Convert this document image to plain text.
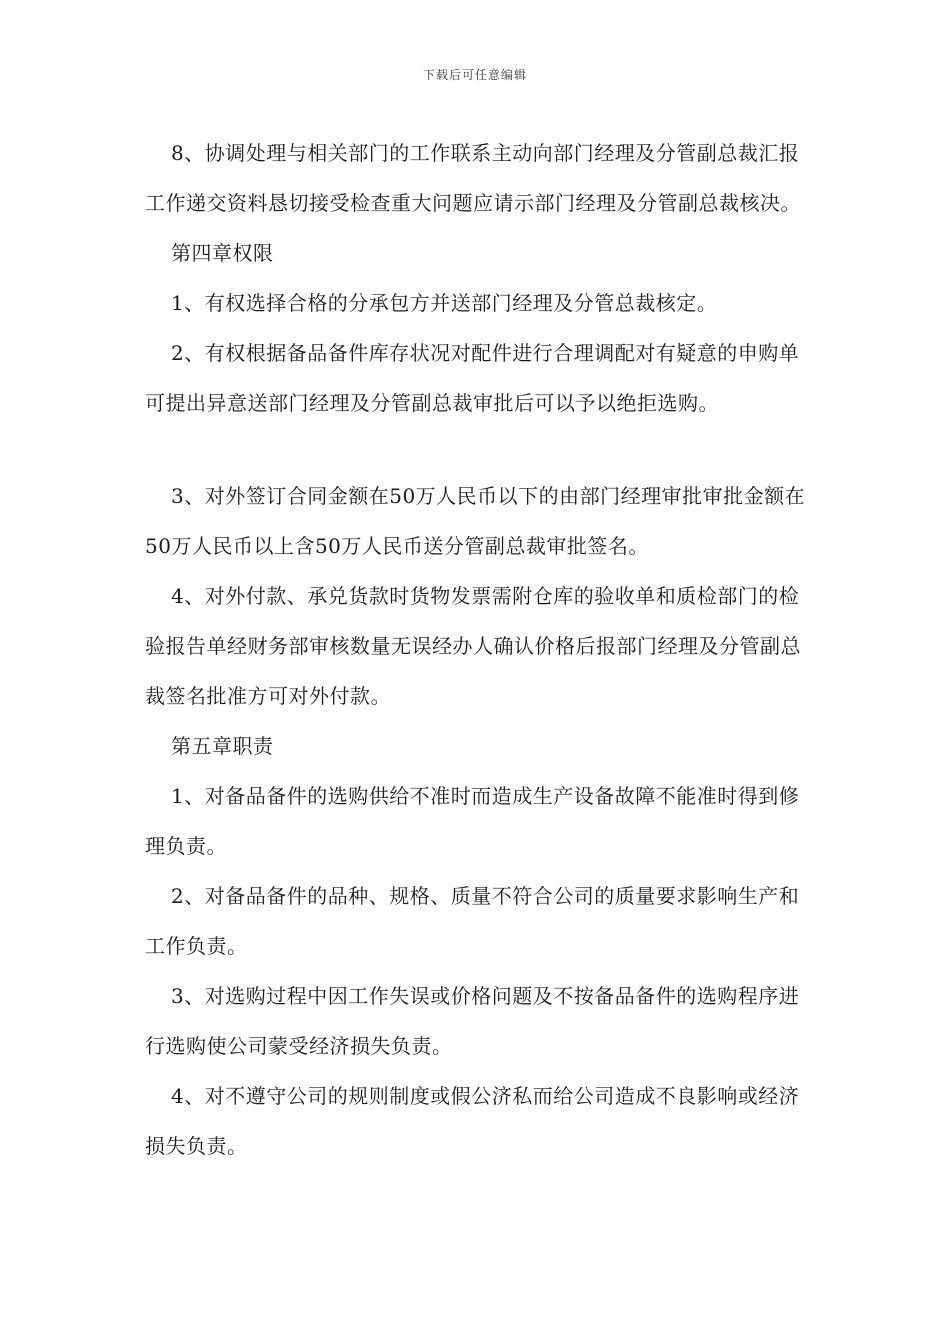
下载后可任意编辑

8、协调处理与相关部门的工作联系主动向部门经理及分管副总裁汇报工作递交资料恳切接受检查重大问题应请示部门经理及分管副总裁核决。

第四章权限

1、有权选择合格的分承包方并送部门经理及分管总裁核定。

2、有权根据备品备件库存状况对配件进行合理调配对有疑意的申购单可提出异意送部门经理及分管副总裁审批后可以予以绝拒选购。

3、对外签订合同金额在50万人民币以下的由部门经理审批审批金额在50万人民币以上含50万人民币送分管副总裁审批签名。

4、对外付款、承兑货款时货物发票需附仓库的验收单和质检部门的检验报告单经财务部审核数量无误经办人确认价格后报部门经理及分管副总裁签名批准方可对外付款。

第五章职责

1、对备品备件的选购供给不准时而造成生产设备故障不能准时得到修理负责。

2、对备品备件的品种、规格、质量不符合公司的质量要求影响生产和工作负责。

3、对选购过程中因工作失误或价格问题及不按备品备件的选购程序进行选购使公司蒙受经济损失负责。

4、对不遵守公司的规则制度或假公济私而给公司造成不良影响或经济损失负责。
